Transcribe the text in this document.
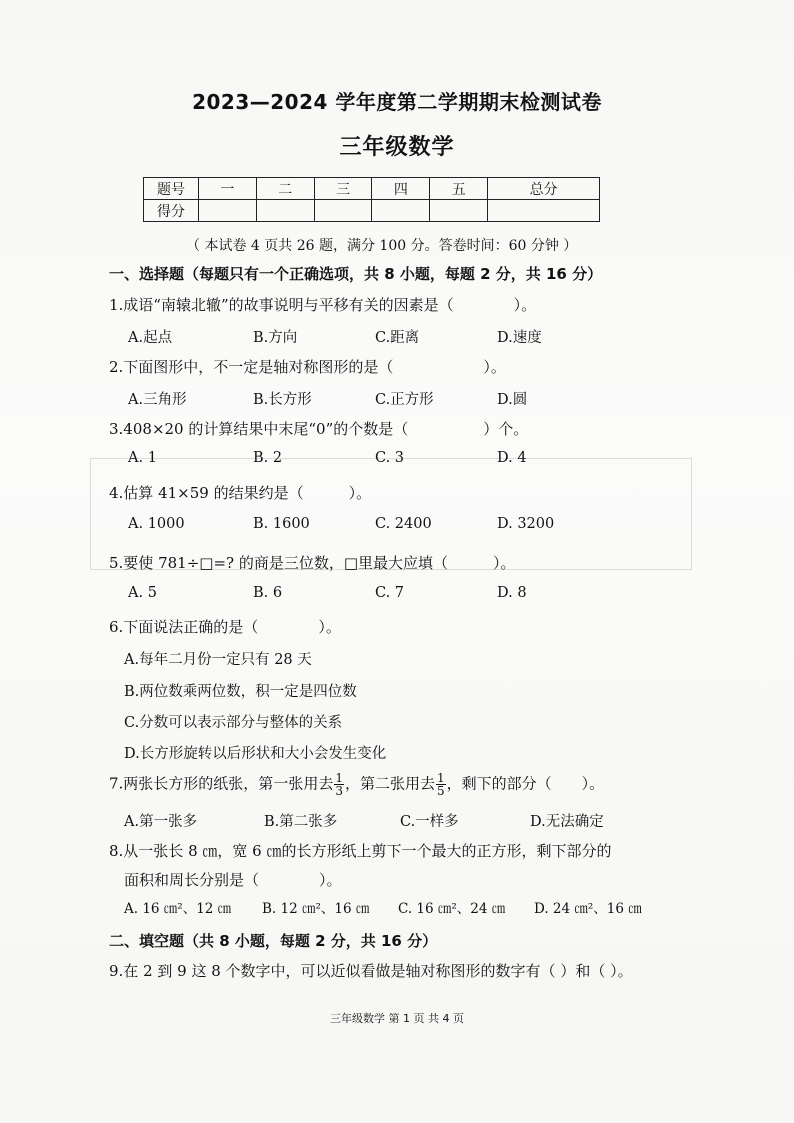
2023—2024 学年度第二学期期末检测试卷
三年级数学
题号	一	二	三	四	五	总分
得分						
（ 本试卷 4 页共 26 题，满分 100 分。答卷时间：60 分钟 ）
一、选择题（每题只有一个正确选项，共 8 小题，每题 2 分，共 16 分）
1.成语“南辕北辙”的故事说明与平移有关的因素是（　　　　）。
A.起点	B.方向	C.距离	D.速度
2.下面图形中，不一定是轴对称图形的是（　　　　　　）。
A.三角形	B.长方形	C.正方形	D.圆
3.408×20 的计算结果中末尾“0”的个数是（　　　　　）个。
A. 1	B. 2	C. 3	D. 4
4.估算 41×59 的结果约是（　　　）。
A. 1000	B. 1600	C. 2400	D. 3200
5.要使 781÷□=? 的商是三位数，□里最大应填（　　　）。
A. 5	B. 6	C. 7	D. 8
6.下面说法正确的是（　　　　）。
A.每年二月份一定只有 28 天
B.两位数乘两位数，积一定是四位数
C.分数可以表示部分与整体的关系
D.长方形旋转以后形状和大小会发生变化
7.两张长方形的纸张，第一张用去 $\frac{1}{3}$ ，第二张用去 $\frac{1}{5}$ ，剩下的部分（　　）。
A.第一张多	B.第二张多	C.一样多	D.无法确定
8.从一张长 8 ㎝，宽 6 ㎝的长方形纸上剪下一个最大的正方形，剩下部分的
面积和周长分别是（　　　　）。
A. 16 ㎝²、12 ㎝ B. 12 ㎝²、16 ㎝ C. 16 ㎝²、24 ㎝ D. 24 ㎝²、16 ㎝
二、填空题（共 8 小题，每题 2 分，共 16 分）
9.在 2 到 9 这 8 个数字中，可以近似看做是轴对称图形的数字有（ ）和（ ）。
三年级数学 第 1 页 共 4 页
